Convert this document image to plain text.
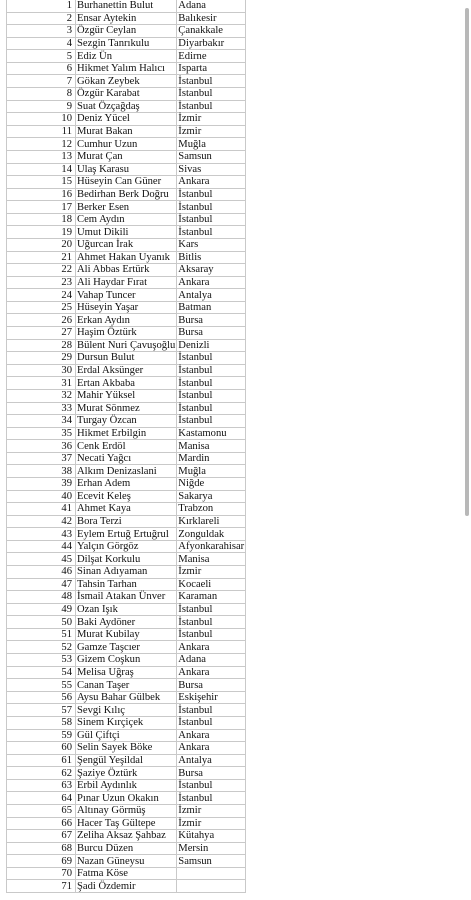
1	Burhanettin Bulut	Adana
2	Ensar Aytekin	Balıkesir
3	Özgür Ceylan	Çanakkale
4	Sezgin Tanrıkulu	Diyarbakır
5	Ediz Ün	Edirne
6	Hikmet Yalım Halıcı	Isparta
7	Gökan Zeybek	İstanbul
8	Özgür Karabat	İstanbul
9	Suat Özçağdaş	İstanbul
10	Deniz Yücel	İzmir
11	Murat Bakan	İzmir
12	Cumhur Uzun	Muğla
13	Murat Çan	Samsun
14	Ulaş Karasu	Sivas
15	Hüseyin Can Güner	Ankara
16	Bedirhan Berk Doğru	İstanbul
17	Berker Esen	İstanbul
18	Cem Aydın	İstanbul
19	Umut Dikili	İstanbul
20	Uğurcan İrak	Kars
21	Ahmet Hakan Uyanık	Bitlis
22	Ali Abbas Ertürk	Aksaray
23	Ali Haydar Fırat	Ankara
24	Vahap Tuncer	Antalya
25	Hüseyin Yaşar	Batman
26	Erkan Aydın	Bursa
27	Haşim Öztürk	Bursa
28	Bülent Nuri Çavuşoğlu	Denizli
29	Dursun Bulut	İstanbul
30	Erdal Aksünger	İstanbul
31	Ertan Akbaba	İstanbul
32	Mahir Yüksel	İstanbul
33	Murat Sönmez	İstanbul
34	Turgay Özcan	İstanbul
35	Hikmet Erbilgin	Kastamonu
36	Cenk Erdöl	Manisa
37	Necati Yağcı	Mardin
38	Alkım Denizaslani	Muğla
39	Erhan Adem	Niğde
40	Ecevit Keleş	Sakarya
41	Ahmet Kaya	Trabzon
42	Bora Terzi	Kırklareli
43	Eylem Ertuğ Ertuğrul	Zonguldak
44	Yalçın Görgöz	Afyonkarahisar
45	Dilşat Korkulu	Manisa
46	Sinan Adıyaman	İzmir
47	Tahsin Tarhan	Kocaeli
48	İsmail Atakan Ünver	Karaman
49	Ozan Işık	İstanbul
50	Baki Aydöner	İstanbul
51	Murat Kubilay	İstanbul
52	Gamze Taşcıer	Ankara
53	Gizem Coşkun	Adana
54	Melisa Uğraş	Ankara
55	Canan Taşer	Bursa
56	Aysu Bahar Gülbek	Eskişehir
57	Sevgi Kılıç	İstanbul
58	Sinem Kırçiçek	İstanbul
59	Gül Çiftçi	Ankara
60	Selin Sayek Böke	Ankara
61	Şengül Yeşildal	Antalya
62	Şaziye Öztürk	Bursa
63	Erbil Aydınlık	İstanbul
64	Pınar Uzun Okakın	İstanbul
65	Altınay Görmüş	İzmir
66	Hacer Taş Gültepe	İzmir
67	Zeliha Aksaz Şahbaz	Kütahya
68	Burcu Düzen	Mersin
69	Nazan Güneysu	Samsun
70	Fatma Köse	
71	Şadi Özdemir	
